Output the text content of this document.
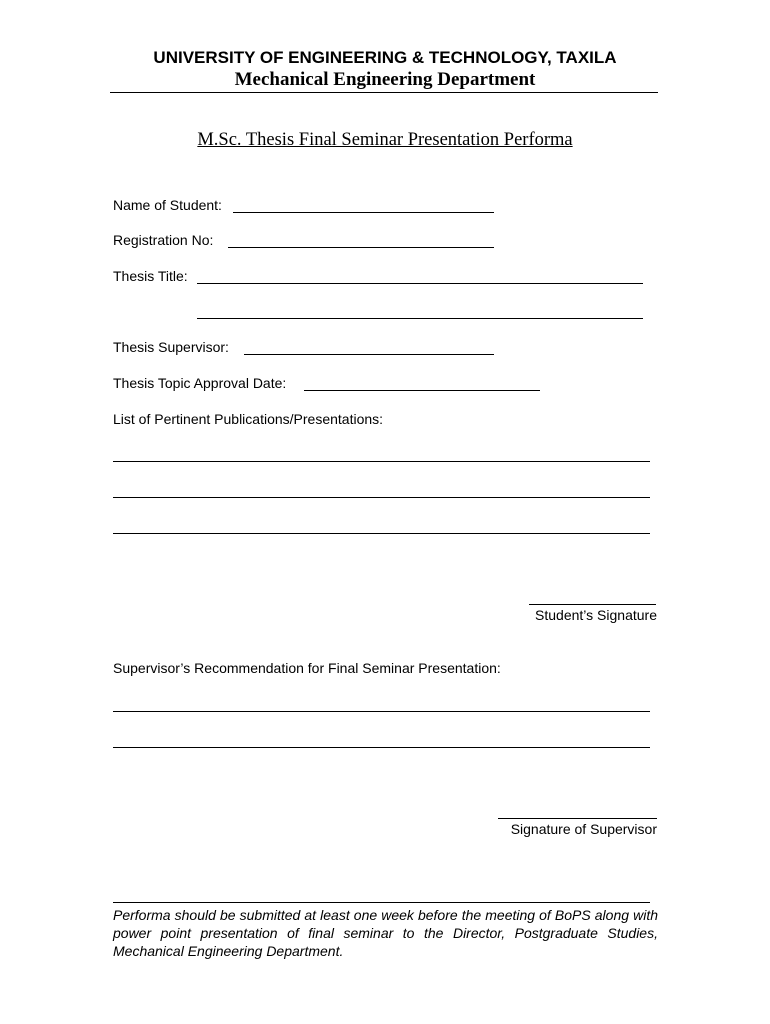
UNIVERSITY OF ENGINEERING & TECHNOLOGY, TAXILA
Mechanical Engineering Department
M.Sc. Thesis Final Seminar Presentation Performa
Name of Student:
Registration No:
Thesis Title:
Thesis Supervisor:
Thesis Topic Approval Date:
List of Pertinent Publications/Presentations:
Student’s Signature
Supervisor’s Recommendation for Final Seminar Presentation:
Signature of Supervisor
Performa should be submitted at least one week before the meeting of BoPS along with power point presentation of final seminar to the Director, Postgraduate Studies, Mechanical Engineering Department.
